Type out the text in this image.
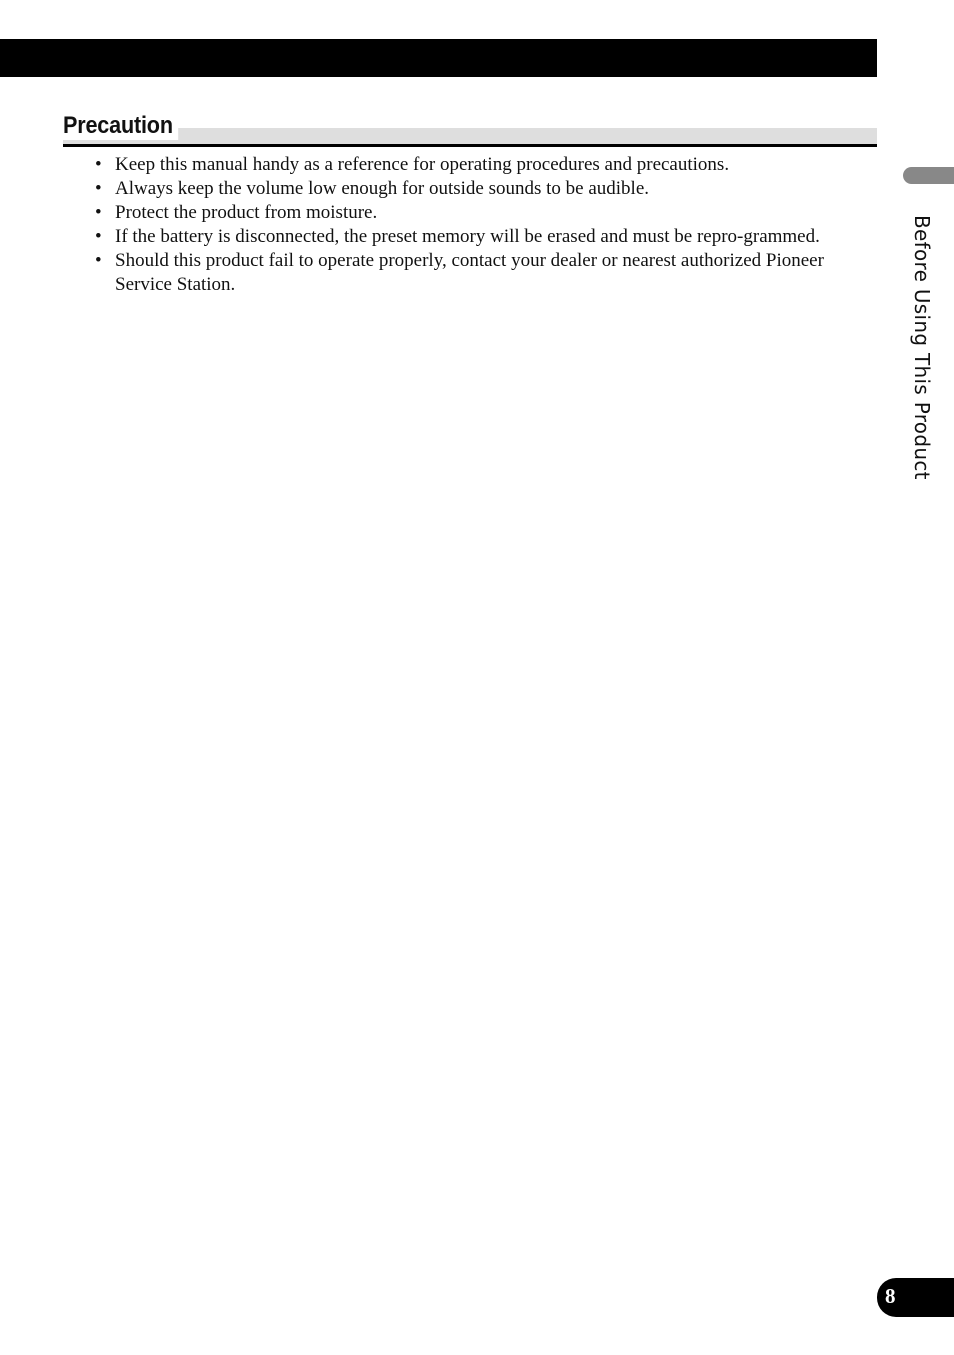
Precaution
• Keep this manual handy as a reference for operating procedures and precautions.
• Always keep the volume low enough for outside sounds to be audible.
• Protect the product from moisture.
• If the battery is disconnected, the preset memory will be erased and must be repro-grammed.
• Should this product fail to operate properly, contact your dealer or nearest authorized Pioneer Service Station.	Before Using This Product
8
